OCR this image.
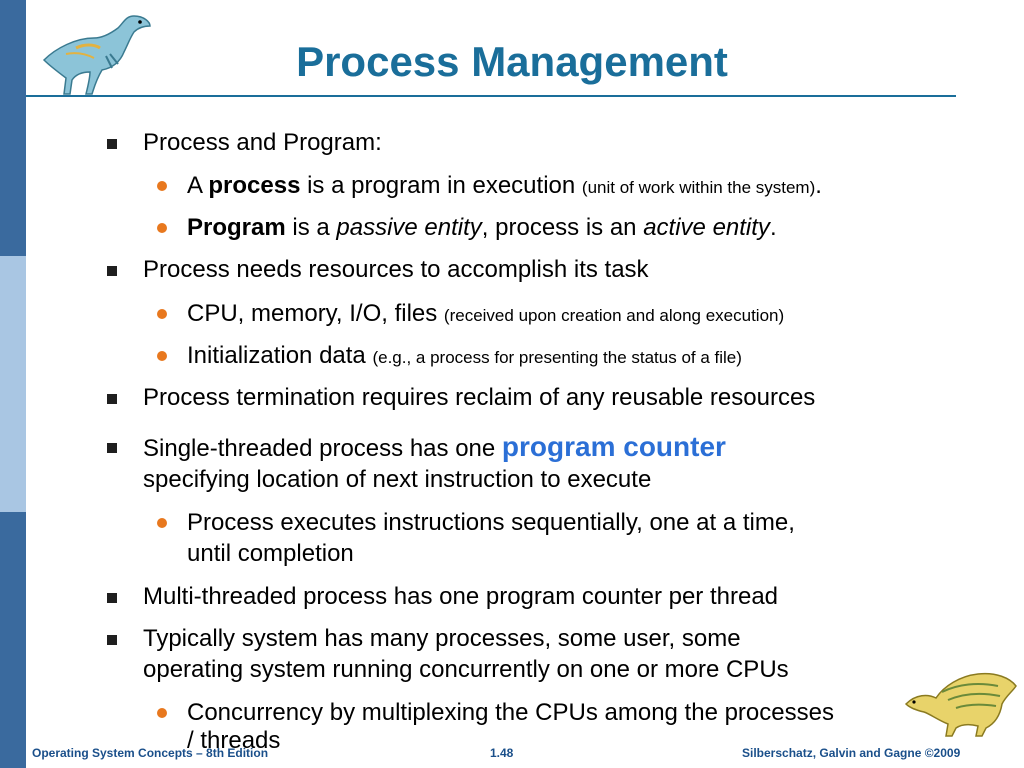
Process Management
Process and Program:
A process is a program in execution (unit of work within the system).
Program is a passive entity, process is an active entity.
Process needs resources to accomplish its task
CPU, memory, I/O, files (received upon creation and along execution)
Initialization data (e.g., a process for presenting the status of a file)
Process termination requires reclaim of any reusable resources
Single-threaded process has one program counter
specifying location of next instruction to execute
Process executes instructions sequentially, one at a time,
until completion
Multi-threaded process has one program counter per thread
Typically system has many processes, some user, some
operating system running concurrently on one or more CPUs
Concurrency by multiplexing the CPUs among the processes
/ threads
Operating System Concepts – 8th Edition	1.48	Silberschatz, Galvin and Gagne ©2009
